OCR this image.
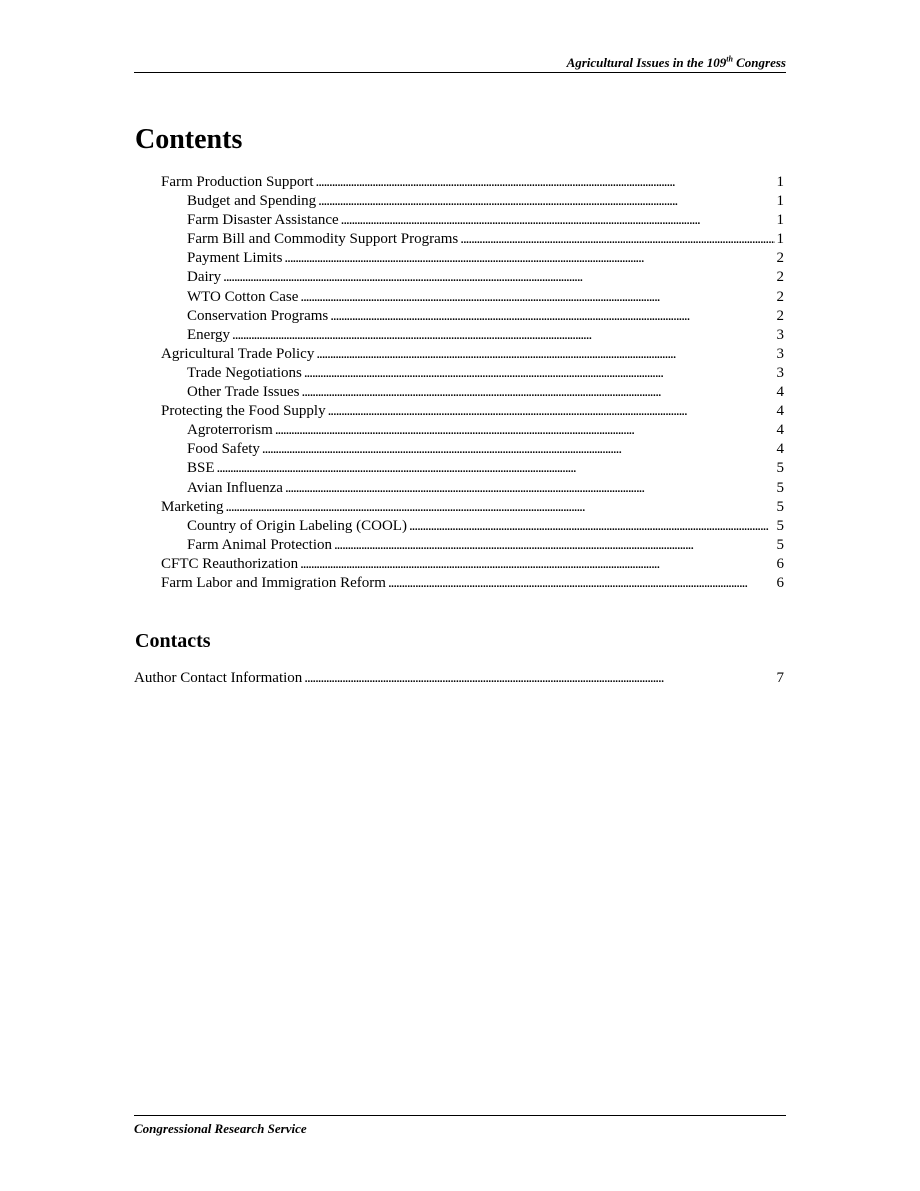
Agricultural Issues in the 109th Congress
Contents
Farm Production Support . . .	1
Budget and Spending . . .	1
Farm Disaster Assistance . . .	1
Farm Bill and Commodity Support Programs . . .	1
Payment Limits . . .	2
Dairy . . .	2
WTO Cotton Case . . .	2
Conservation Programs . . .	2
Energy . . .	3
Agricultural Trade Policy . . .	3
Trade Negotiations . . .	3
Other Trade Issues . . .	4
Protecting the Food Supply . . .	4
Agroterrorism . . .	4
Food Safety . . .	4
BSE . . .	5
Avian Influenza . . .	5
Marketing . . .	5
Country of Origin Labeling (COOL) . . .	5
Farm Animal Protection . . .	5
CFTC Reauthorization . . .	6
Farm Labor and Immigration Reform . . .	6
Contacts
Author Contact Information . . .	7
Congressional Research Service
